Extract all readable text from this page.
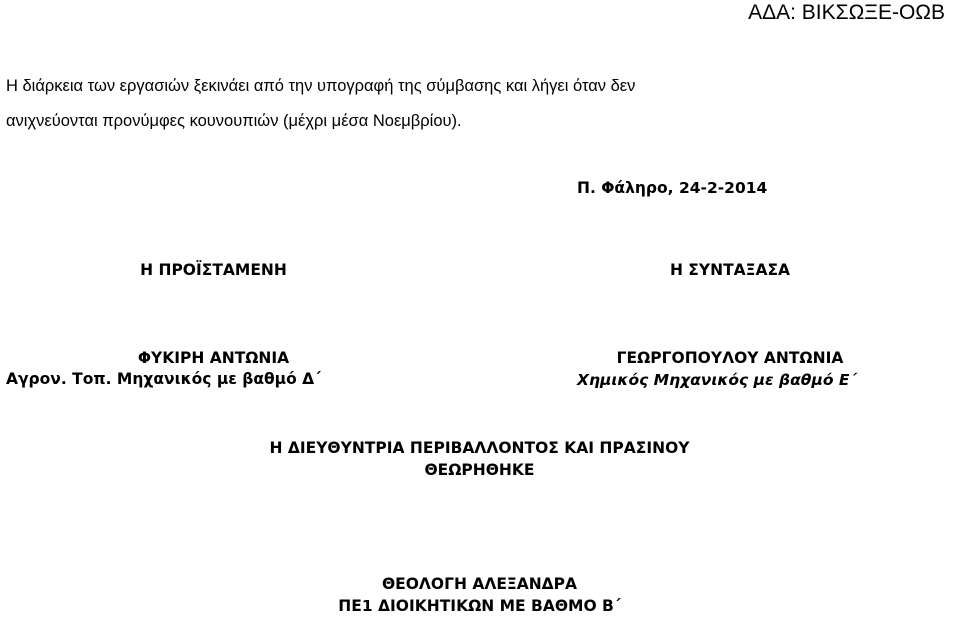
ΑΔΑ: ΒΙΚΣΩΞΕ-ΟΩΒ
Η διάρκεια των εργασιών ξεκινάει από την υπογραφή της σύμβασης και λήγει όταν δεν
ανιχνεύονται προνύμφες κουνουπιών (μέχρι μέσα Νοεμβρίου).
Π. Φάληρο, 24-2-2014
Η ΠΡΟΪΣΤΑΜΕΝΗ	Η ΣΥΝΤΑΞΑΣΑ
ΦΥΚΙΡΗ ΑΝΤΩΝΙΑ
Αγρον. Τοπ. Μηχανικός με βαθμό Δ΄
ΓΕΩΡΓΟΠΟΥΛΟΥ ΑΝΤΩΝΙΑ
Χημικός Μηχανικός με βαθμό Ε΄
Η ΔΙΕΥΘΥΝΤΡΙΑ ΠΕΡΙΒΑΛΛΟΝΤΟΣ ΚΑΙ ΠΡΑΣΙΝΟΥ
ΘΕΩΡΗΘΗΚΕ
ΘΕΟΛΟΓΗ ΑΛΕΞΑΝΔΡΑ
ΠΕ1 ΔΙΟΙΚΗΤΙΚΩΝ ΜΕ ΒΑΘΜΟ Β΄
